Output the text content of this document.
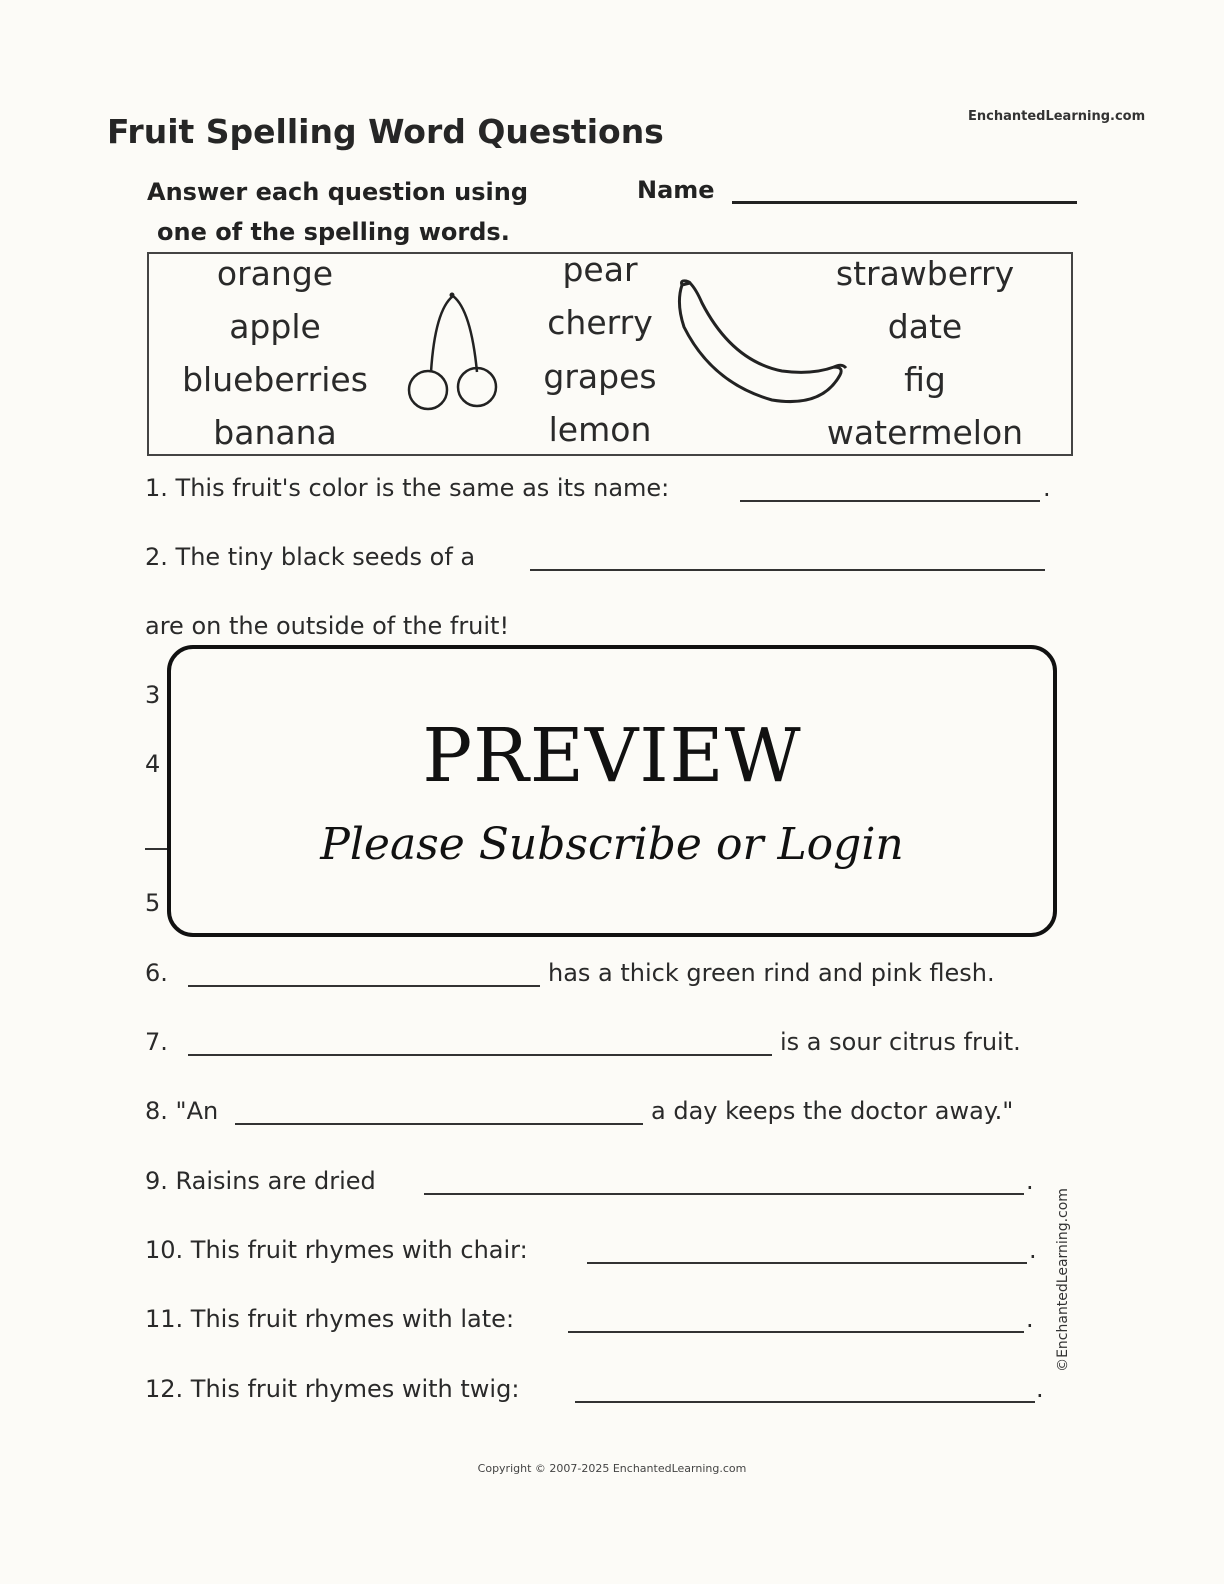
Fruit Spelling Word Questions	EnchantedLearning.com
Answer each question using
one of the spelling words.
Name
orange
apple
blueberries
banana
pear
cherry
grapes
lemon
strawberry
date
fig
watermelon
1. This fruit's color is the same as its name:	.
2. The tiny black seeds of a
are on the outside of the fruit!
3
4
5
PREVIEW
Please Subscribe or Login
6.	has a thick green rind and pink flesh.
7.	is a sour citrus fruit.
8. "An	a day keeps the doctor away."
9. Raisins are dried	.
10. This fruit rhymes with chair:	.
11. This fruit rhymes with late:	.
12. This fruit rhymes with twig:	.
©EnchantedLearning.com
Copyright © 2007-2025 EnchantedLearning.com
